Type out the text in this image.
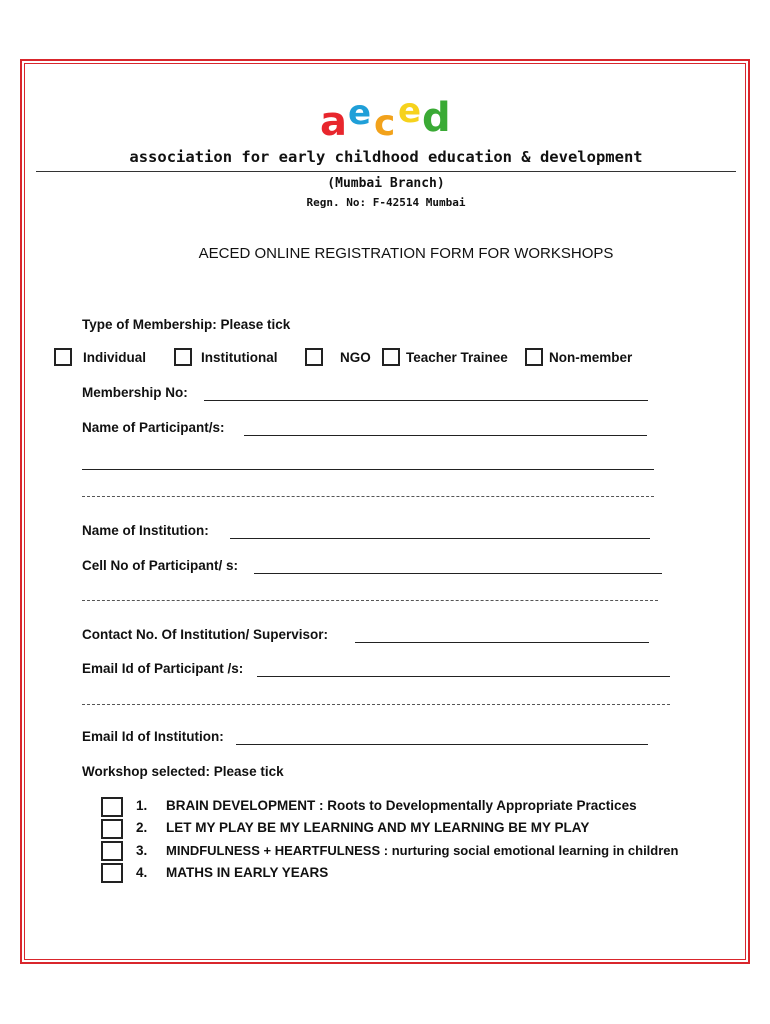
a e c e d
association for early childhood education & development
(Mumbai Branch)
Regn. No: F-42514 Mumbai
AECED ONLINE REGISTRATION FORM FOR WORKSHOPS
Type of Membership: Please tick
Individual	Institutional	NGO	Teacher Trainee	Non-member
Membership No:
Name of Participant/s:
Name of Institution:
Cell No of Participant/ s:
Contact No. Of Institution/ Supervisor:
Email Id of Participant /s:
Email Id of Institution:
Workshop selected: Please tick
1. BRAIN DEVELOPMENT : Roots to Developmentally Appropriate Practices
2. LET MY PLAY BE MY LEARNING AND MY LEARNING BE MY PLAY
3. MINDFULNESS + HEARTFULNESS : nurturing social emotional learning in children
4. MATHS IN EARLY YEARS
